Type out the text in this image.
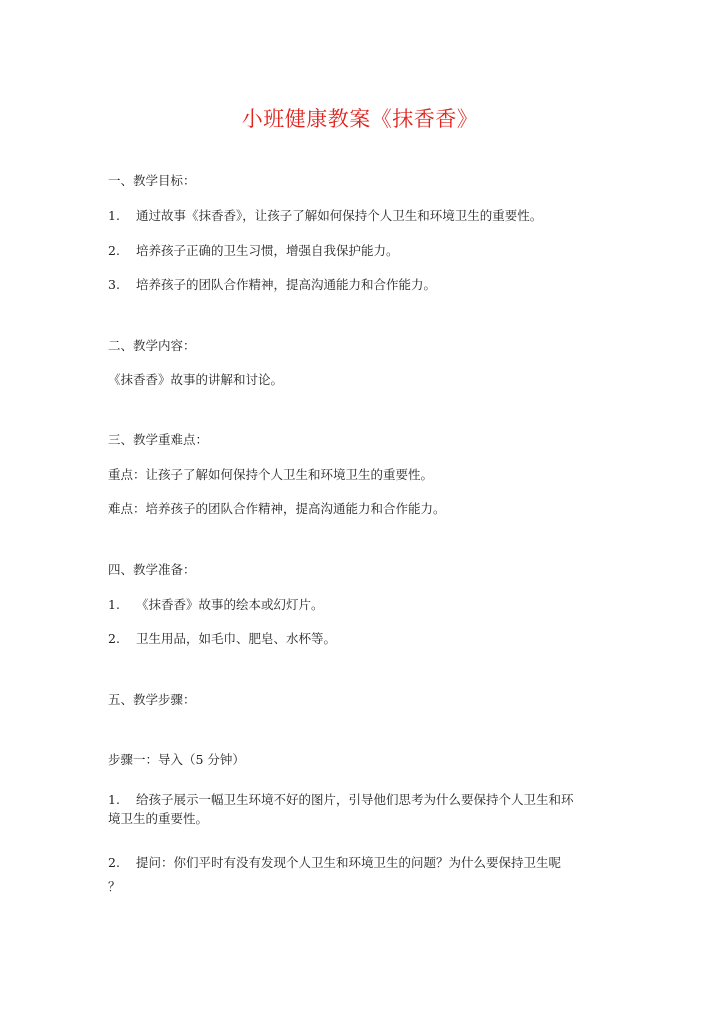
小班健康教案《抹香香》
一、教学目标：
1. 通过故事《抹香香》，让孩子了解如何保持个人卫生和环境卫生的重要性。
2. 培养孩子正确的卫生习惯，增强自我保护能力。
3. 培养孩子的团队合作精神，提高沟通能力和合作能力。
二、教学内容：
《抹香香》故事的讲解和讨论。
三、教学重难点：
重点：让孩子了解如何保持个人卫生和环境卫生的重要性。
难点：培养孩子的团队合作精神，提高沟通能力和合作能力。
四、教学准备：
1. 《抹香香》故事的绘本或幻灯片。
2. 卫生用品，如毛巾、肥皂、水杯等。
五、教学步骤：
步骤一：导入（5 分钟）
1. 给孩子展示一幅卫生环境不好的图片，引导他们思考为什么要保持个人卫生和环
境卫生的重要性。
2. 提问：你们平时有没有发现个人卫生和环境卫生的问题？为什么要保持卫生呢
？
